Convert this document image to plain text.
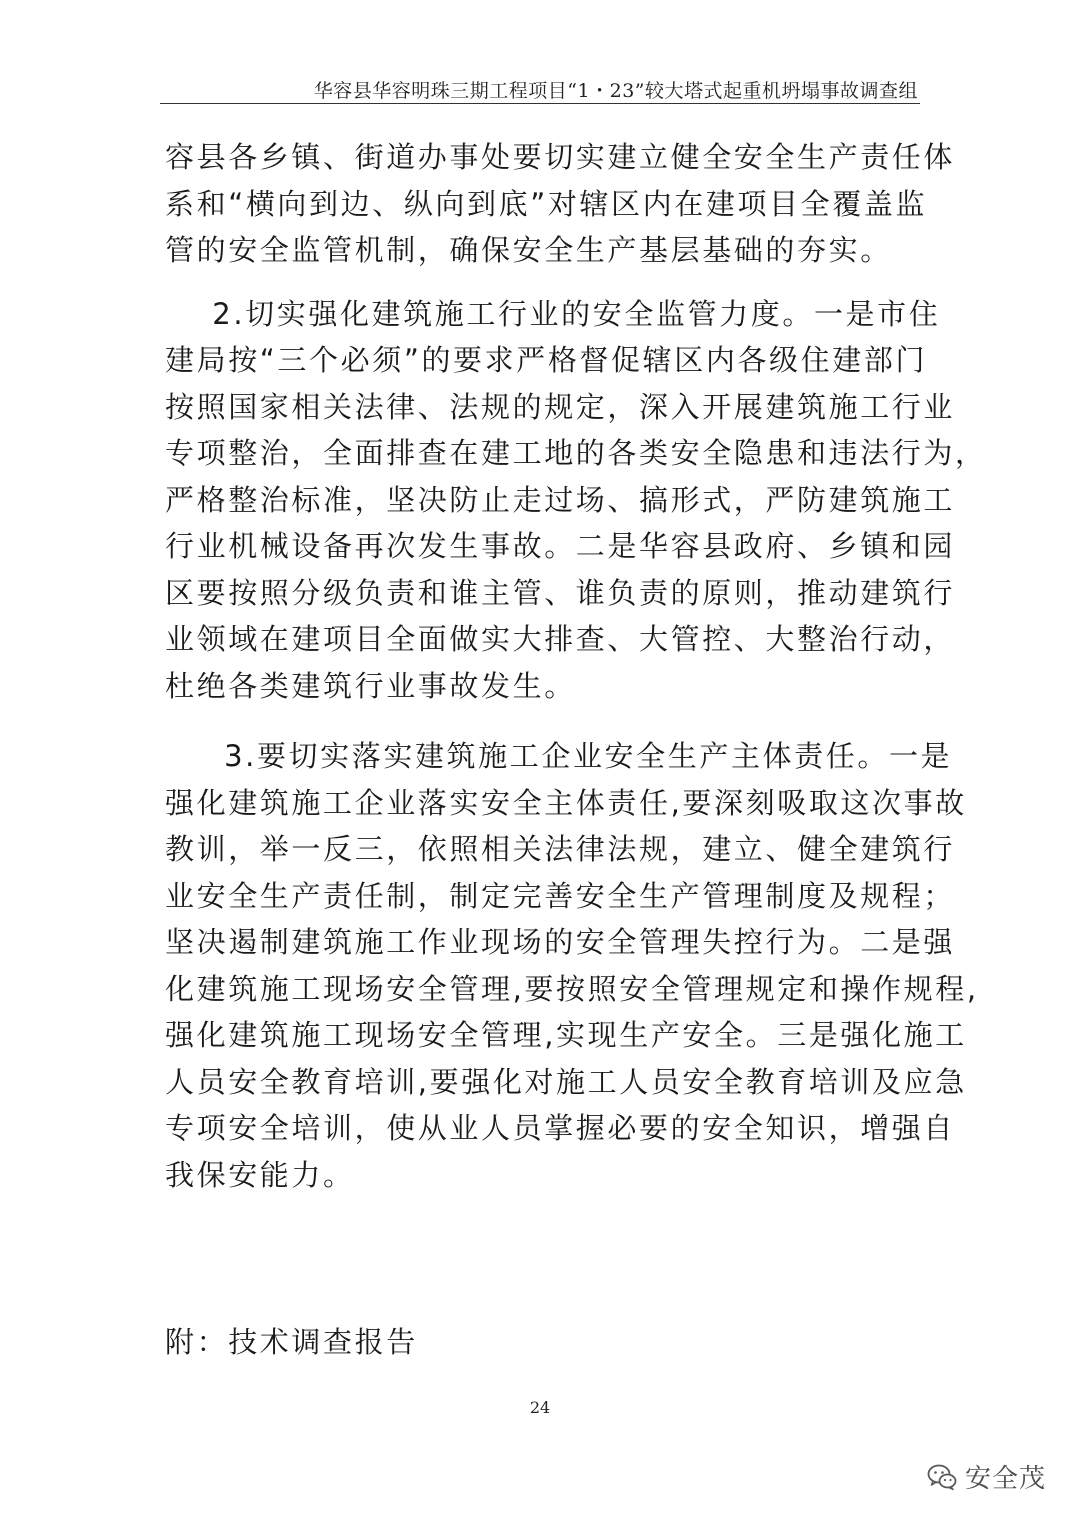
华容县华容明珠三期工程项目“1・23”较大塔式起重机坍塌事故调查组
容县各乡镇、街道办事处要切实建立健全安全生产责任体
系和“横向到边、纵向到底”对辖区内在建项目全覆盖监
管的安全监管机制，确保安全生产基层基础的夯实。
2.切实强化建筑施工行业的安全监管力度。一是市住
建局按“三个必须”的要求严格督促辖区内各级住建部门
按照国家相关法律、法规的规定，深入开展建筑施工行业
专项整治，全面排查在建工地的各类安全隐患和违法行为，
严格整治标准，坚决防止走过场、搞形式，严防建筑施工
行业机械设备再次发生事故。二是华容县政府、乡镇和园
区要按照分级负责和谁主管、谁负责的原则，推动建筑行
业领域在建项目全面做实大排查、大管控、大整治行动，
杜绝各类建筑行业事故发生。
3.要切实落实建筑施工企业安全生产主体责任。一是
强化建筑施工企业落实安全主体责任,要深刻吸取这次事故
教训，举一反三，依照相关法律法规，建立、健全建筑行
业安全生产责任制，制定完善安全生产管理制度及规程；
坚决遏制建筑施工作业现场的安全管理失控行为。二是强
化建筑施工现场安全管理,要按照安全管理规定和操作规程,
强化建筑施工现场安全管理,实现生产安全。三是强化施工
人员安全教育培训,要强化对施工人员安全教育培训及应急
专项安全培训，使从业人员掌握必要的安全知识，增强自
我保安能力。
附：技术调查报告
24
安全茂
